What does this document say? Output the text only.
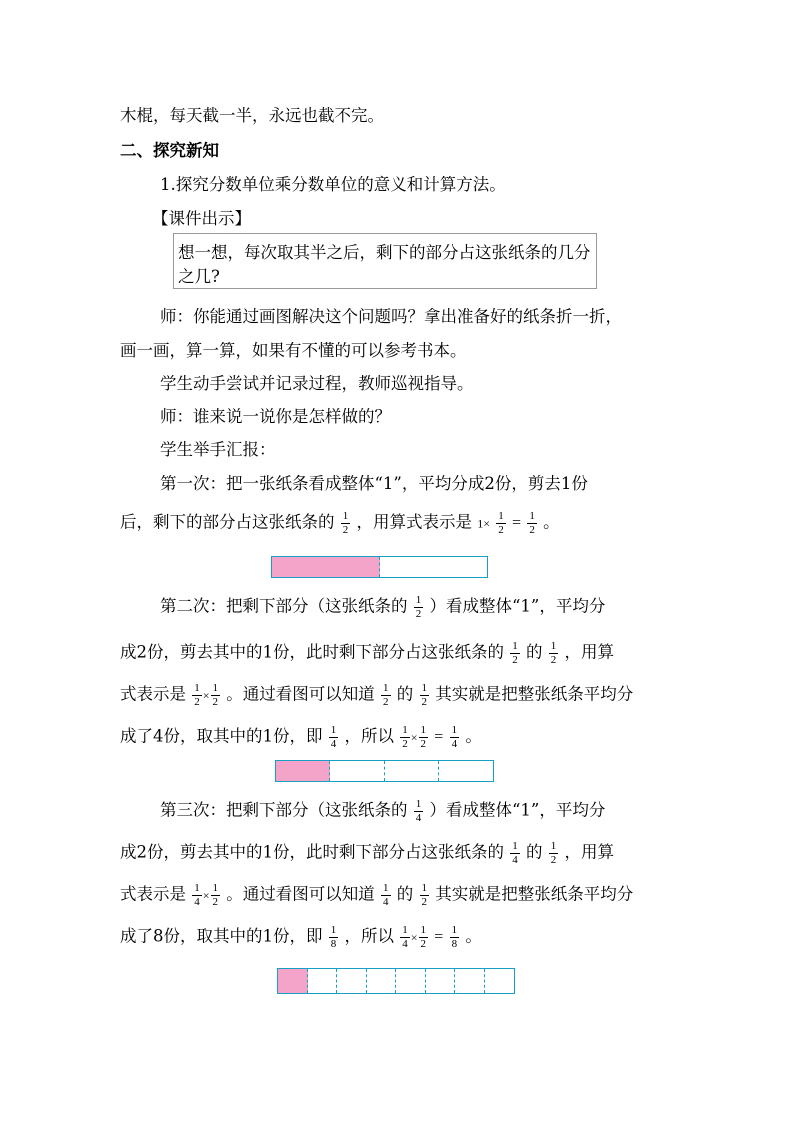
木棍，每天截一半，永远也截不完。
二、探究新知
1.探究分数单位乘分数单位的意义和计算方法。
【课件出示】
想一想，每次取其半之后，剩下的部分占这张纸条的几分之几?
师：你能通过画图解决这个问题吗？拿出准备好的纸条折一折，
画一画，算一算，如果有不懂的可以参考书本。
学生动手尝试并记录过程，教师巡视指导。
师：谁来说一说你是怎样做的？
学生举手汇报：
第一次：把一张纸条看成整体“1”，平均分成2份，剪去1份
后，剩下的部分占这张纸条的 $\frac{1}{2}$ ，用算式表示是 $1\times \frac{1}{2} = \frac{1}{2}$ 。
第二次：把剩下部分（这张纸条的 $\frac{1}{2}$ ）看成整体“1”，平均分
成2份，剪去其中的1份，此时剩下部分占这张纸条的 $\frac{1}{2}$ 的 $\frac{1}{2}$ ，用算
式表示是 $\frac{1}{2} \times \frac{1}{2}$ 。通过看图可以知道 $\frac{1}{2}$ 的 $\frac{1}{2}$ 其实就是把整张纸条平均分
成了4份，取其中的1份，即 $\frac{1}{4}$ ，所以 $\frac{1}{2} \times \frac{1}{2} = \frac{1}{4}$ 。
第三次：把剩下部分（这张纸条的 $\frac{1}{4}$ ）看成整体“1”，平均分
成2份，剪去其中的1份，此时剩下部分占这张纸条的 $\frac{1}{4}$ 的 $\frac{1}{2}$ ，用算
式表示是 $\frac{1}{4} \times \frac{1}{2}$ 。通过看图可以知道 $\frac{1}{4}$ 的 $\frac{1}{2}$ 其实就是把整张纸条平均分
成了8份，取其中的1份，即 $\frac{1}{8}$ ，所以 $\frac{1}{4} \times \frac{1}{2} = \frac{1}{8}$ 。
